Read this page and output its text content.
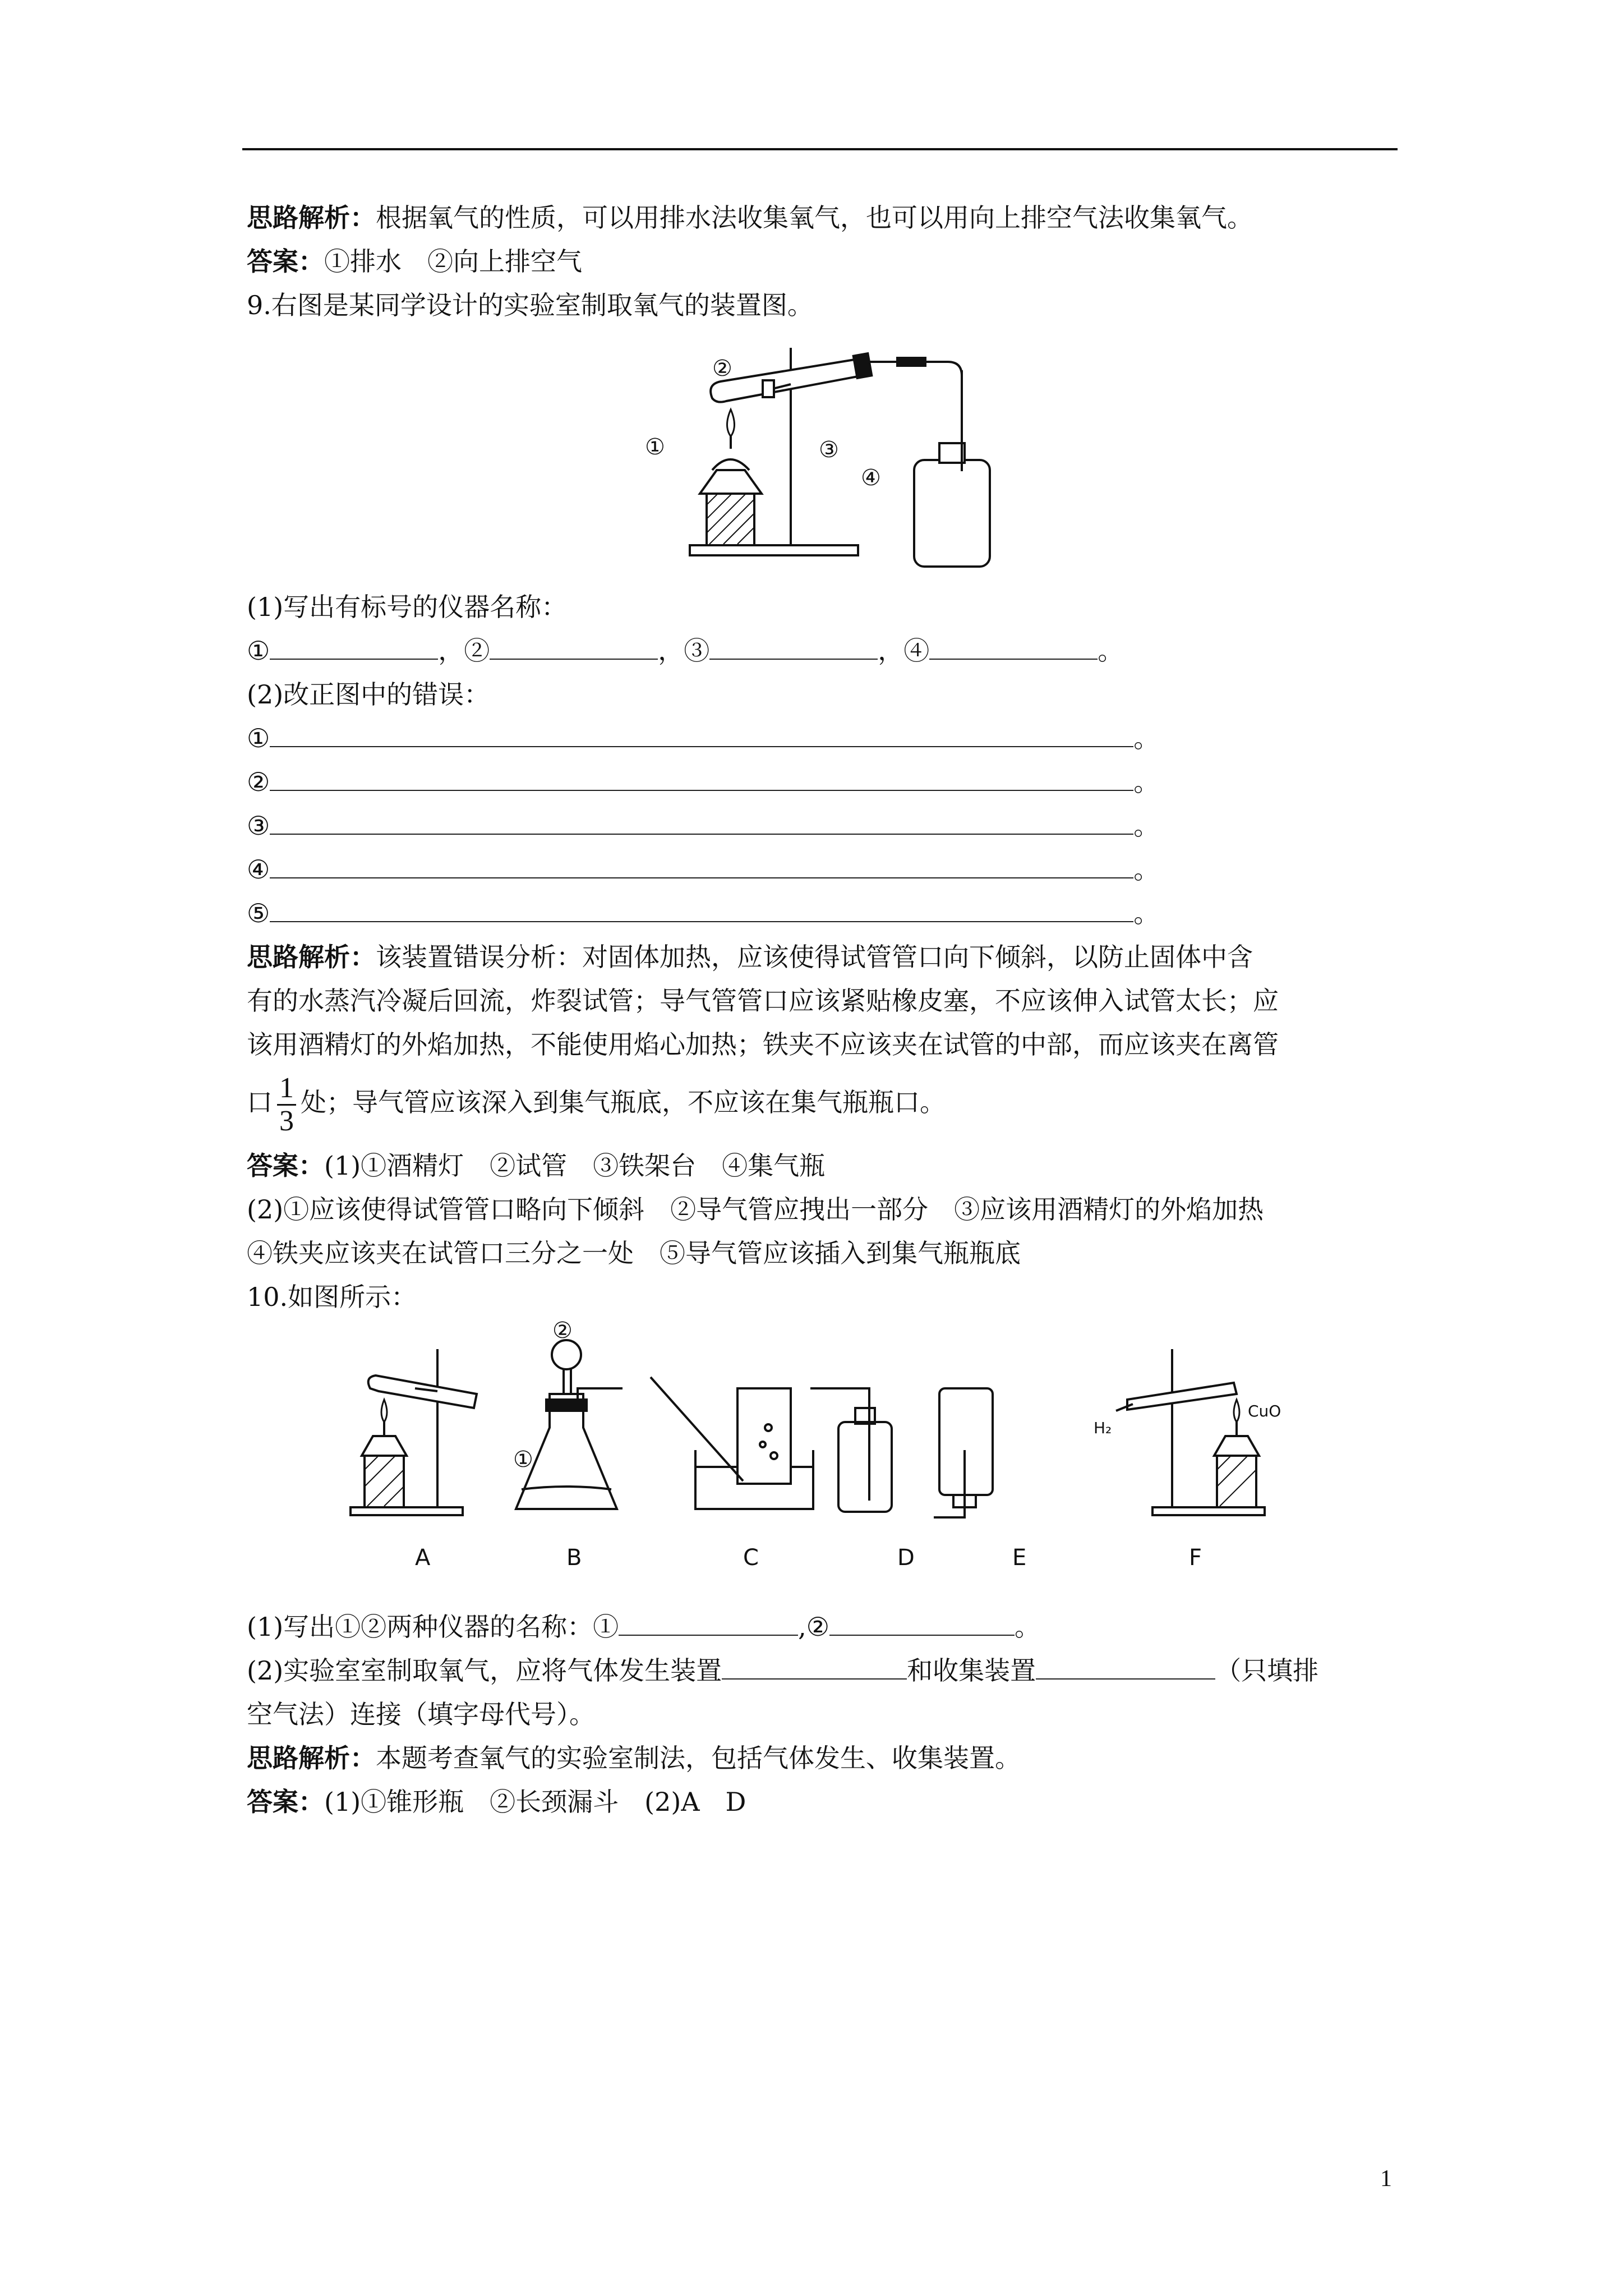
思路解析：根据氧气的性质，可以用排水法收集氧气，也可以用向上排空气法收集氧气。
答案：①排水　②向上排空气
9.右图是某同学设计的实验室制取氧气的装置图。
②
①	③
④
(1)写出有标号的仪器名称：
①	，②	，③	，④	。
(2)改正图中的错误：
①	。
②	。
③	。
④	。
⑤	。
思路解析：该装置错误分析：对固体加热，应该使得试管管口向下倾斜，以防止固体中含
有的水蒸汽冷凝后回流，炸裂试管；导气管管口应该紧贴橡皮塞，不应该伸入试管太长；应
该用酒精灯的外焰加热，不能使用焰心加热；铁夹不应该夹在试管的中部，而应该夹在离管
口 $\frac{1}{3}$ 处；导气管应该深入到集气瓶底，不应该在集气瓶瓶口。
答案：(1)①酒精灯　②试管　③铁架台　④集气瓶
(2)①应该使得试管管口略向下倾斜　②导气管应拽出一部分　③应该用酒精灯的外焰加热
④铁夹应该夹在试管口三分之一处　⑤导气管应该插入到集气瓶瓶底
10.如图所示：
②
①
H₂
CuO
A	B	C	D	E	F
(1)写出①②两种仪器的名称：①	,②	。
(2)实验室室制取氧气，应将气体发生装置	和收集装置	（只填排
空气法）连接（填字母代号）。
思路解析：本题考查氧气的实验室制法，包括气体发生、收集装置。
答案：(1)①锥形瓶　②长颈漏斗　(2)A　D
1
